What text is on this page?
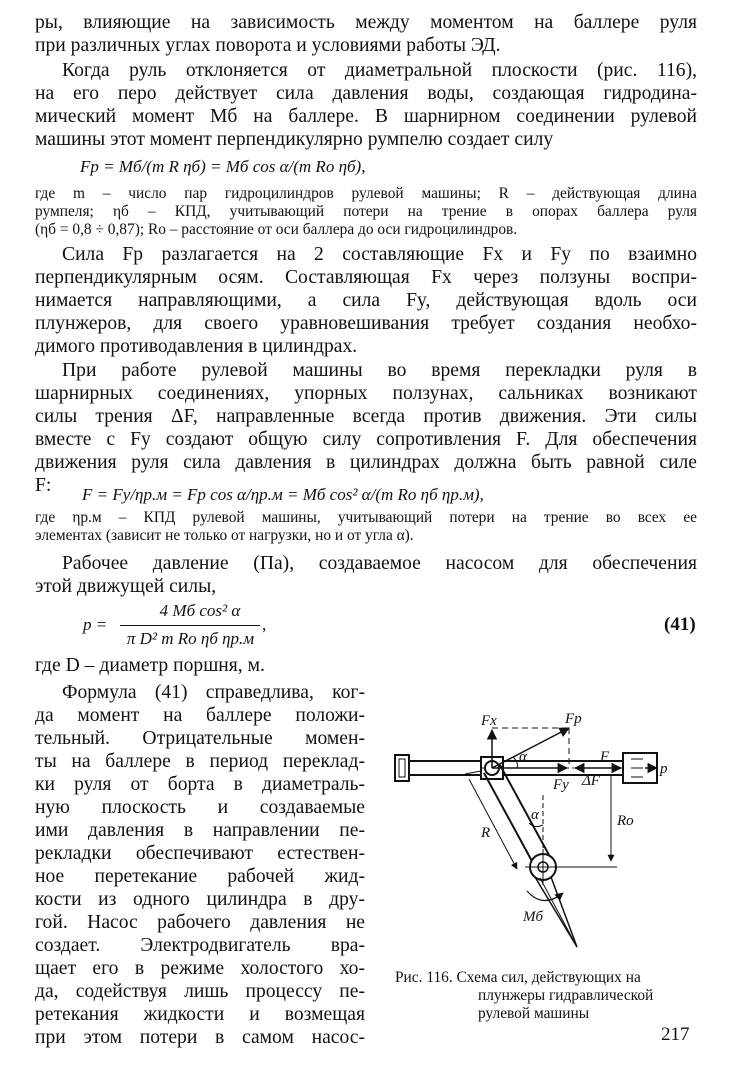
ры, влияющие на зависимость между моментом на баллере руля
при различных углах поворота и условиями работы ЭД.
Когда руль отклоняется от диаметральной плоскости (рис. 116),
на его перо действует сила давления воды, создающая гидродина-
мический момент Mб на баллере. В шарнирном соединении рулевой
машины этот момент перпендикулярно румпелю создает силу
Fр = Mб/(m R ηб) = Mб cos α/(m Rо ηб),
где m – число пар гидроцилиндров рулевой машины; R – действующая длина
румпеля; ηб – КПД, учитывающий потери на трение в опорах баллера руля
(ηб = 0,8 ÷ 0,87); Rо – расстояние от оси баллера до оси гидроцилиндров.
Сила Fр разлагается на 2 составляющие Fx и Fy по взаимно
перпендикулярным осям. Составляющая Fx через ползуны воспри-
нимается направляющими, а сила Fy, действующая вдоль оси
плунжеров, для своего уравновешивания требует создания необхо-
димого противодавления в цилиндрах.
При работе рулевой машины во время перекладки руля в
шарнирных соединениях, упорных ползунах, сальниках возникают
силы трения ΔF, направленные всегда против движения. Эти силы
вместе с Fy создают общую силу сопротивления F. Для обеспечения
движения руля сила давления в цилиндрах должна быть равной силе
F:	F = Fy/ηр.м = Fр cos α/ηр.м = Mб cos² α/(m Rо ηб ηр.м),
где ηр.м – КПД рулевой машины, учитывающий потери на трение во всех ее
элементах (зависит не только от нагрузки, но и от угла α).
Рабочее давление (Па), создаваемое насосом для обеспечения
этой движущей силы,
p =
4 Mб cos² α
π D² m Rо ηб ηр.м
,	(41)
где D – диаметр поршня, м.
Формула (41) справедлива, ког-
да момент на баллере положи-
тельный. Отрицательные момен-
ты на баллере в период переклад-
ки руля от борта в диаметраль-
ную плоскость и создаваемые
ими давления в направлении пе-
рекладки обеспечивают естествен-
ное перетекание рабочей жид-
кости из одного цилиндра в дру-
гой. Насос рабочего давления не
создает. Электродвигатель вра-
щает его в режиме холостого хо-
да, содействуя лишь процессу пе-
ретекания жидкости и возмещая
при этом потери в самом насос-
Fx	Fр
α	F
Fy ΔF
p
R
Rо
α
Mб
Рис. 116. Схема сил, действующих на
плунжеры гидравлической
рулевой машины
217
